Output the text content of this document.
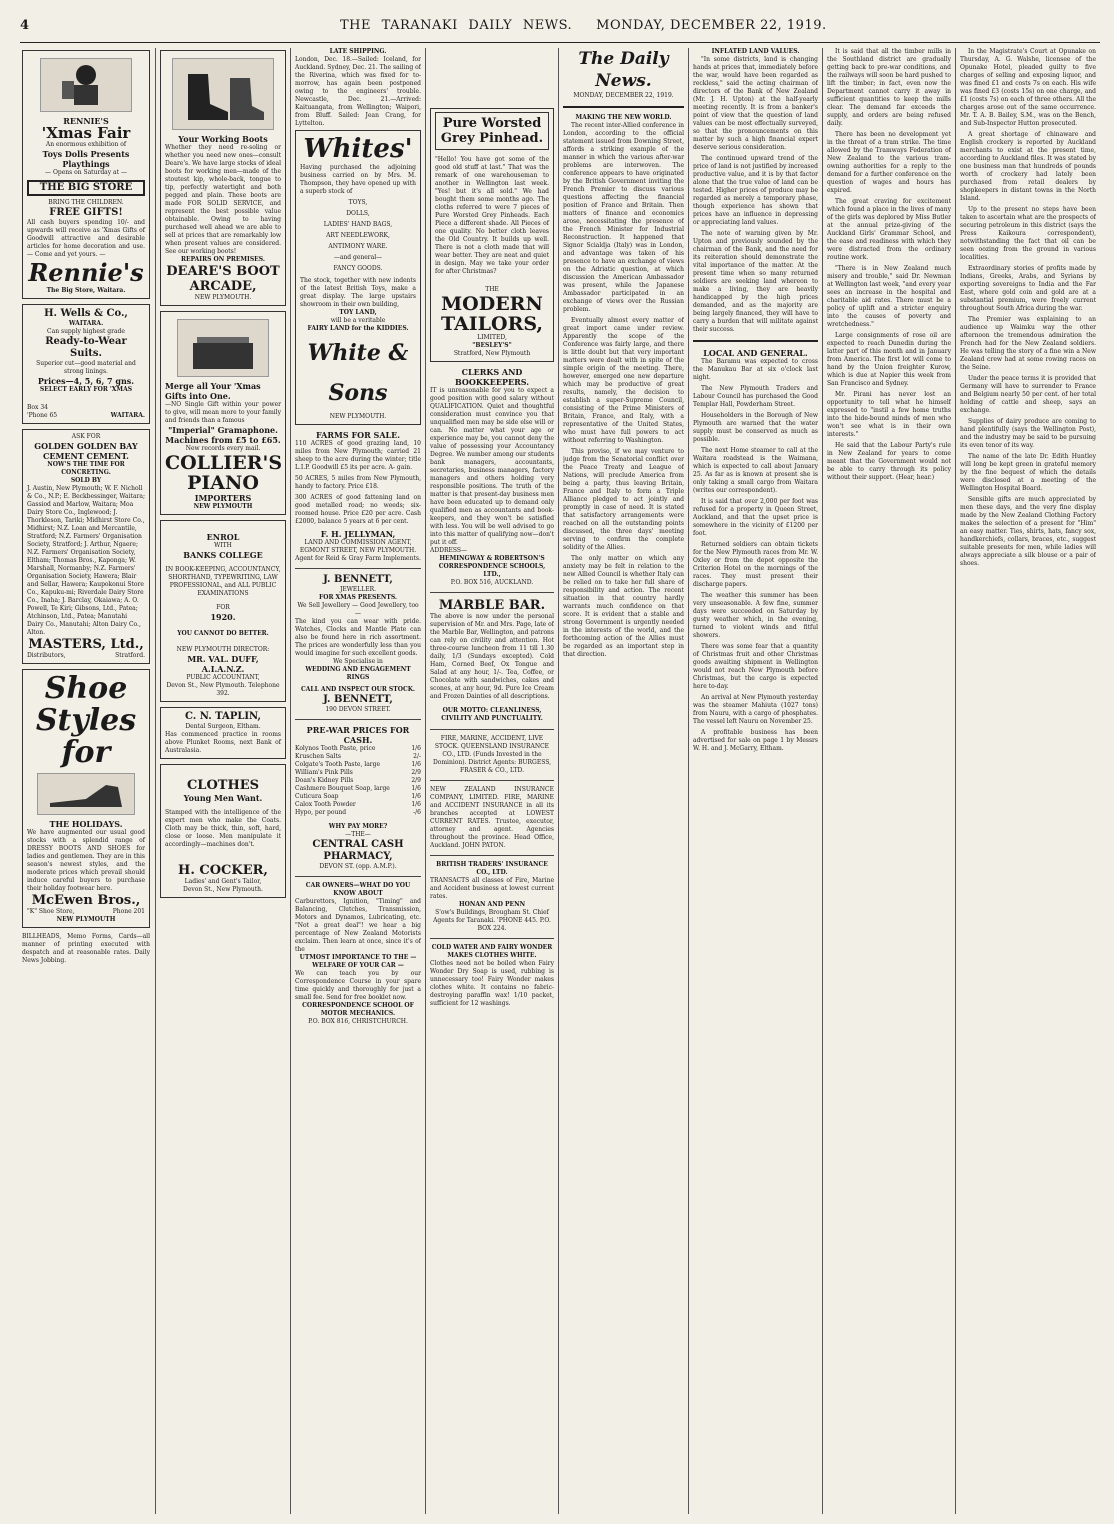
4	THE TARANAKI DAILY NEWS. MONDAY, DECEMBER 22, 1919.
RENNIE'S
'Xmas Fair
An enormous exhibition of
Toys Dolls Presents Playthings
— Opens on Saturday at —
THE BIG STORE
BRING THE CHILDREN.
FREE GIFTS!
All cash buyers spending 10/- and upwards will receive as 'Xmas Gifts of Goodwill attractive and desirable articles for home decoration and use. — Come and yet yours. —
Rennie's
The Big Store, Waitara.
H. Wells & Co.,
WAITARA.
Can supply highest grade
Ready-to-Wear
Suits.
Superior cut—good material and strong linings.
Prices—4, 5, 6, 7 gns.
SELECT EARLY FOR 'XMAS
Box 34
'Phone 65	WAITARA.
ASK FOR
GOLDEN GOLDEN BAY CEMENT CEMENT.
NOW'S THE TIME FOR CONCRETING.
SOLD BY
J. Austin, New Plymouth; W. F. Nicholl & Co., N.P.; E. Beckbessinger, Waitara; Gassiod and Marlow, Waitara; Moa Dairy Store Co., Inglewood; J. Thorkleson, Tariki; Midhirst Store Co., Midhirst; N.Z. Loan and Mercantile, Stratford; N.Z. Farmers' Organisation Society, Stratford; J. Arthur, Ngaere; N.Z. Farmers' Organisation Society, Eltham; Thomas Bros., Kaponga; W. Marshall, Normanby; N.Z. Farmers' Organisation Society, Hawera; Blair and Sellar, Hawera; Kaupokonui Store Co., Kapuku-mi; Riverdale Dairy Store Co., Inaha; J. Barclay, Okaiawa; A. O. Powell, Te Kiri; Gibsons, Ltd., Patea; Atchinson, Ltd., Patea; Manutahi Dairy Co., Manutahi; Alton Dairy Co., Alton.
MASTERS, Ltd.,
Distributors,	Stratford.
Shoe Styles for
THE HOLIDAYS.
We have augmented our usual good stocks with a splendid range of DRESSY BOOTS AND SHOES for ladies and gentlemen. They are in this season's newest styles, and the moderate prices which prevail should induce careful buyers to purchase their holiday footwear here.
McEwen Bros.,
"K" Shoe Store,	Phone 201
NEW PLYMOUTH
BILLHEADS, Memo Forms, Cards—all manner of printing executed with despatch and at reasonable rates. Daily News Jobbing.
Your Working Boots
Whether they need re-soling or whether you need new ones—consult Deare's. We have large stocks of ideal boots for working men—made of the stoutest kip, whole-back, tongue to tip, perfectly watertight and both pegged and plain. These boots are made FOR SOLID SERVICE, and represent the best possible value obtainable. Owing to having purchased well ahead we are able to sell at prices that are remarkably low when present values are considered. See our working boots!
REPAIRS ON PREMISES.
DEARE'S BOOT ARCADE,
NEW PLYMOUTH.
Merge all Your 'Xmas Gifts into One.
—NO Single Gift within your power to give, will mean more to your family and friends than a famous
"Imperial" Gramaphone.
Machines from £5 to £65.
New records every mail.
COLLIER'S PIANO
IMPORTERS
NEW PLYMOUTH
ENROL
WITH
BANKS COLLEGE
IN BOOK-KEEPING, ACCOUNTANCY, SHORTHAND, TYPEWRITING, LAW PROFESSIONAL, and ALL PUBLIC EXAMINATIONS
FOR
1920.
YOU CANNOT DO BETTER.
NEW PLYMOUTH DIRECTOR:
MR. VAL. DUFF, A.I.A.N.Z.
PUBLIC ACCOUNTANT,
Devon St., New Plymouth. Telephone 392.
C. N. TAPLIN,
Dental Surgeon, Eltham.
Has commenced practice in rooms above Plunket Rooms, next Bank of Australasia.
CLOTHES
Young Men Want.
Stamped with the intelligence of the expert men who make the Coats. Cloth may be thick, thin, soft, hard, close or loose. Men manipulate it accordingly—machines don't.
H. COCKER,
Ladies' and Gent's Tailor,
Devon St., New Plymouth.
LATE SHIPPING.
London, Dec. 18.—Sailed: Iceland, for Auckland. Sydney, Dec. 21. The sailing of the Riverina, which was fixed for to-morrow, has again been postponed owing to the engineers' trouble. Newcastle, Dec. 21.—Arrived: Kaituangata, from Wellington; Waipori, from Bluff. Sailed: Jean Crang, for Lyttelton.
Whites'
Having purchased the adjoining business carried on by Mrs. M. Thompson, they have opened up with a superb stock of
TOYS,
DOLLS,
LADIES' HAND BAGS,
ART NEEDLEWORK,
ANTIMONY WARE.
—and general—
FANCY GOODS.
The stock, together with new indents of the latest British Toys, make a great display. The large upstairs showroom in their own building,
TOY LAND,
will be a veritable
FAIRY LAND for the KIDDIES.
White & Sons
NEW PLYMOUTH.
FARMS FOR SALE.

110 ACRES of good grazing land, 10 miles from New Plymouth; carried 21 sheep to the acre during the winter; title L.I.P. Goodwill £5 its per acre. A- gain.

50 ACRES, 5 miles from New Plymouth, handy to factory. Price £18.

300 ACRES of good fattening land on good metalled road; no weeds; six-roomed house. Price £20 per acre. Cash £2000, balance 5 years at 6 per cent.

F. H. JELLYMAN,
LAND AND COMMISSION AGENT, EGMONT STREET, NEW PLYMOUTH.
Agent for Reid & Gray Farm Implements.
J. BENNETT,
JEWELLER.
FOR XMAS PRESENTS.
We Sell Jewellery — Good Jewellery, too —
The kind you can wear with pride. Watches, Clocks and Mantle Plate can also be found here in rich assortment. The prices are wonderfully less than you would imagine for such excellent goods.
We Specialise in
WEDDING AND ENGAGEMENT RINGS
CALL AND INSPECT OUR STOCK.
J. BENNETT,
190 DEVON STREET.
PRE-WAR PRICES FOR CASH.
Kolynos Tooth Paste, price	1/6
Kruschen Salts	2/-
Colgate's Tooth Paste, large	1/6
William's Pink Pills	2/9
Doan's Kidney Pills	2/9
Cashmere Bouquet Soap, large	1/6
Cuticura Soap	1/6
Calox Tooth Powder	1/6
Hypo, per pound	-/6
WHY PAY MORE?
—THE—
CENTRAL CASH PHARMACY,
DEVON ST. (opp. A.M.P.).
CAR OWNERS—WHAT DO YOU KNOW ABOUT
Carburettors, Ignition, "Timing" and Balancing, Clutches, Transmission, Motors and Dynamos, Lubricating, etc. "Not a great deal"! we hear a big percentage of New Zealand Motorists exclaim. Then learn at once, since it's of the
UTMOST IMPORTANCE TO THE — WELFARE OF YOUR CAR —
We can teach you by our Correspondence Course in your spare time quickly and thoroughly for just a small fee. Send for free booklet now.
CORRESPONDENCE SCHOOL OF MOTOR MECHANICS.
P.O. BOX 816, CHRISTCHURCH.
Pure Worsted Grey Pinhead.
"Hello! You have got some of the good old stuff at last." That was the remark of one warehouseman to another in Wellington last week. "Yes! but it's all sold." We had bought them some months ago. The cloths referred to were 7 pieces of Pure Worsted Grey Pinheads. Each Piece a different shade. All Pieces of one quality. No better cloth leaves the Old Country. It builds up well. There is not a cloth made that will wear better. They are neat and quiet in design. May we take your order for after Christmas?
THE
MODERN TAILORS,
LIMITED,
"BESLEY'S"
Stratford, New Plymouth
CLERKS AND BOOKKEEPERS.
IT is unreasonable for you to expect a good position with good salary without QUALIFICATION. Quiet and thoughtful consideration must convince you that unqualified men may be side else will or can. No matter what your age or experience may be, you cannot deny the value of possessing your Accountancy Degree. We number among our students bank managers, accountants, secretaries, business managers, factory managers and others holding very responsible positions. The truth of the matter is that present-day business men have been educated up to demand only qualified men as accountants and book-keepers, and they won't be satisfied with less. You will be well advised to go into this matter of qualifying now—don't put it off.
ADDRESS—
HEMINGWAY & ROBERTSON'S CORRESPONDENCE SCHOOLS, LTD.,
P.O. BOX 516, AUCKLAND.
MARBLE BAR.
The above is now under the personal supervision of Mr. and Mrs. Page, late of the Marble Bar, Wellington, and patrons can rely on civility and attention. Hot three-course luncheon from 11 till 1.30 daily, 1/3 (Sundays excepted). Cold Ham, Corned Beef, Ox Tongue and Salad at any hour, 1/-. Tea, Coffee, or Chocolate with sandwiches, cakes and scones, at any hour, 9d. Pure Ice Cream and Frozen Dainties of all descriptions.
OUR MOTTO: CLEANLINESS, CIVILITY AND PUNCTUALITY.
FIRE, MARINE, ACCIDENT, LIVE STOCK. QUEENSLAND INSURANCE CO., LTD. (Funds Invested in the Dominion). District Agents: BURGESS, FRASER & CO., LTD.
NEW ZEALAND INSURANCE COMPANY, LIMITED. FIRE, MARINE and ACCIDENT INSURANCE in all its branches accepted at LOWEST CURRENT RATES. Trustee, executor, attorney and agent. Agencies throughout the province. Head Office, Auckland. JOHN PATON.
BRITISH TRADERS' INSURANCE CO., LTD.
TRANSACTS all classes of Fire, Marine and Accident business at lowest current rates.
HONAN AND PENN
S'ow's Buildings, Brougham St. Chief Agents for Taranaki. 'PHONE 445. P.O. BOX 224.
COLD WATER AND FAIRY WONDER MAKES CLOTHES WHITE.
Clothes need not be boiled when Fairy Wonder Dry Soap is used, rubbing is unnecessary too! Fairy Wonder makes clothes white. It contains no fabric-destroying paraffin wax! 1/10 packet, sufficient for 12 washings.
The Daily News.
MONDAY, DECEMBER 22, 1919.
MAKING THE NEW WORLD.

The recent inter-Allied conference in London, according to the official statement issued from Downing Street, affords a striking example of the manner in which the various after-war problems are interwoven. The conference appears to have originated by the British Government inviting the French Premier to discuss various questions affecting the financial position of France and Britain. Then matters of finance and economics arose, necessitating the presence of the French Minister for Industrial Reconstruction. It happened that Signor Scialdja (Italy) was in London, and advantage was taken of his presence to have an exchange of views on the Adriatic question, at which discussion the American Ambassador was present, while the Japanese Ambassador participated in an exchange of views over the Russian problem.

Eventually almost every matter of great import came under review. Apparently the scope of the Conference was fairly large, and there is little doubt but that very important matters were dealt with in spite of the simple origin of the meeting. There, however, emerged one new departure which may be productive of great results, namely, the decision to establish a super-Supreme Council, consisting of the Prime Ministers of Britain, France, and Italy, with a representative of the United States, who must have full powers to act without referring to Washington.

This proviso, if we may venture to judge from the Senatorial conflict over the Peace Treaty and League of Nations, will preclude America from being a party, thus leaving Britain, France and Italy to form a Triple Alliance pledged to act jointly and promptly in case of need. It is stated that satisfactory arrangements were reached on all the outstanding points discussed, the three days' meeting serving to confirm the complete solidity of the Allies.

The only matter on which any anxiety may be felt in relation to the new Allied Council is whether Italy can be relied on to take her full share of responsibility and action. The recent situation in that country hardly warrants much confidence on that score. It is evident that a stable and strong Government is urgently needed in the interests of the world, and the forthcoming action of the Allies must be regarded as an important step in that direction.

INFLATED LAND VALUES.

"In some districts, land is changing hands at prices that, immediately before the war, would have been regarded as reckless," said the acting chairman of directors of the Bank of New Zealand (Mr. J. H. Upton) at the half-yearly meeting recently. It is from a banker's point of view that the question of land values can be most effectually surveyed, so that the pronouncements on this matter by such a high financial expert deserve serious consideration.

The continued upward trend of the price of land is not justified by increased productive value, and it is by that factor alone that the true value of land can be tested. Higher prices of produce may be regarded as merely a temporary phase, though experience has shown that prices have an influence in depressing or appreciating land values.

The note of warning given by Mr. Upton and previously sounded by the chairman of the Bank, and the need for its reiteration should demonstrate the vital importance of the matter. At the present time when so many returned soldiers are seeking land whereon to make a living, they are heavily handicapped by the high prices demanded, and as the majority are being largely financed, they will have to carry a burden that will militate against their success.

LOCAL AND GENERAL.

The Baramu was expected to cross the Manukau Bar at six o'clock last night.

The New Plymouth Traders and Labour Council has purchased the Good Templar Hall, Powderham Street.

Householders in the Borough of New Plymouth are warned that the water supply must be conserved as much as possible.

The next Home steamer to call at the Waitara roadstead is the Waimana, which is expected to call about January 25. As far as is known at present she is only taking a small cargo from Waitara (writes our correspondent).

It is said that over 2,000 per foot was refused for a property in Queen Street, Auckland, and that the upset price is somewhere in the vicinity of £1200 per foot.

Returned soldiers can obtain tickets for the New Plymouth races from Mr. W. Oxley or from the depot opposite the Criterion Hotel on the mornings of the races. They must present their discharge papers.

The weather this summer has been very unseasonable. A few fine, summer days were succeeded on Saturday by gusty weather which, in the evening, turned to violent winds and fitful showers.

There was some fear that a quantity of Christmas fruit and other Christmas goods awaiting shipment in Wellington would not reach New Plymouth before Christmas, but the cargo is expected here to-day.

An arrival at New Plymouth yesterday was the steamer Mahiuta (1027 tons) from Nauru, with a cargo of phosphates. The vessel left Nauru on November 25.

A profitable business has been advertised for sale on page 1 by Messrs W. H. and J. McGarry, Eltham.

It is said that all the timber mills in the Southland district are gradually getting back to pre-war conditions, and the railways will soon be hard pushed to lift the timber; in fact, even now the Department cannot carry it away in sufficient quantities to keep the mills clear. The demand far exceeds the supply, and orders are being refused daily.

There has been no development yet in the threat of a tram strike. The time allowed by the Tramways Federation of New Zealand to the various tram-owning authorities for a reply to the demand for a further conference on the question of wages and hours has expired.

The great craving for excitement which found a place in the lives of many of the girls was deplored by Miss Butler at the annual prize-giving of the Auckland Girls' Grammar School, and the ease and readiness with which they were distracted from the ordinary routine work.

"There is in New Zealand much misery and trouble," said Dr. Newman at Wellington last week, "and every year sees an increase in the hospital and charitable aid rates. There must be a policy of uplift and a stricter enquiry into the causes of poverty and wretchedness."

Large consignments of rose oil are expected to reach Dunedin during the latter part of this month and in January from America. The first lot will come to hand by the Union freighter Kurow, which is due at Napier this week from San Francisco and Sydney.

Mr. Pirani has never lost an opportunity to tell what he himself expressed to "instil a few home truths into the hide-bound minds of men who won't see what is in their own interests."

He said that the Labour Party's rule in New Zealand for years to come meant that the Government would not be able to carry through its policy without their support. (Hear, hear.)

In the Magistrate's Court at Opunake on Thursday, A. G. Walshe, licensee of the Opunake Hotel, pleaded guilty to five charges of selling and exposing liquor, and was fined £1 and costs 7s on each. His wife was fined £3 (costs 15s) on one charge, and £1 (costs 7s) on each of three others. All the charges arose out of the same occurrence. Mr. T. A. B. Bailey, S.M., was on the Bench, and Sub-Inspector Hutton prosecuted.

A great shortage of chinaware and English crockery is reported by Auckland merchants to exist at the present time, according to Auckland files. It was stated by one business man that hundreds of pounds worth of crockery had lately been purchased from retail dealers by shopkeepers in distant towns in the North Island.

Up to the present no steps have been taken to ascertain what are the prospects of securing petroleum in this district (says the Press Kaikoura correspondent), notwithstanding the fact that oil can be seen oozing from the ground in various localities.

Extraordinary stories of profits made by Indians, Greeks, Arabs, and Syrians by exporting sovereigns to India and the Far East, where gold coin and gold are at a substantial premium, were freely current throughout South Africa during the war.

The Premier was explaining to an audience up Waimku way the other afternoon the tremendous admiration the French had for the New Zealand soldiers. He was telling the story of a fine win a New Zealand crew had at some rowing races on the Seine.

Under the peace terms it is provided that Germany will have to surrender to France and Belgium nearly 50 per cent. of her total holding of cattle and sheep, says an exchange.

Supplies of dairy produce are coming to hand plentifully (says the Wellington Post), and the industry may be said to be pursuing its even tenor of its way.

The name of the late Dr. Edith Huntley will long be kept green in grateful memory by the fine bequest of which the details were disclosed at a meeting of the Wellington Hospital Board.

Sensible gifts are much appreciated by men these days, and the very fine display made by the New Zealand Clothing Factory makes the selection of a present for "Him" an easy matter. Ties, shirts, hats, fancy sox, handkerchiefs, collars, braces, etc., suggest suitable presents for men, while ladies will always appreciate a silk blouse or a pair of shoes.
